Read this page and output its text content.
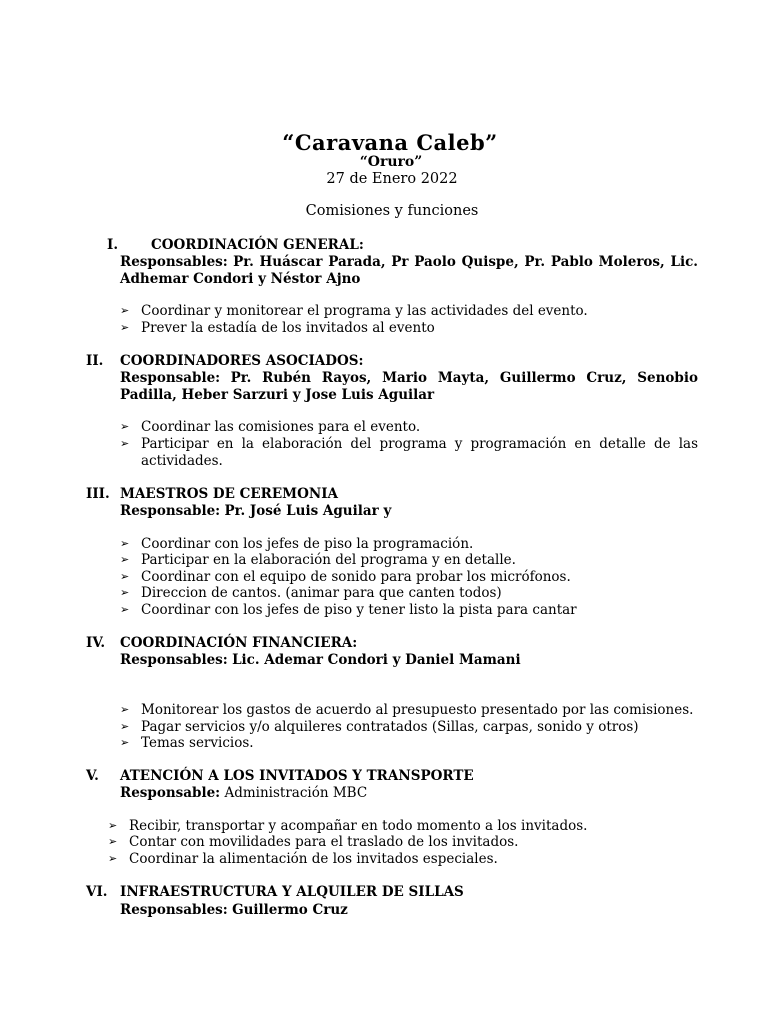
“Caravana Caleb”
“Oruro”
27 de Enero 2022
Comisiones y funciones
I. COORDINACIÓN GENERAL:
Responsables: Pr. Huáscar Parada, Pr Paolo Quispe, Pr. Pablo Moleros, Lic. Adhemar Condori y Néstor Ajno
➢ Coordinar y monitorear el programa y las actividades del evento.
➢ Prever la estadía de los invitados al evento
II. COORDINADORES ASOCIADOS:
Responsable: Pr. Rubén Rayos, Mario Mayta, Guillermo Cruz, Senobio Padilla, Heber Sarzuri y Jose Luis Aguilar
➢ Coordinar las comisiones para el evento.
➢ Participar en la elaboración del programa y programación en detalle de las actividades.
III. MAESTROS DE CEREMONIA
Responsable: Pr. José Luis Aguilar y
➢ Coordinar con los jefes de piso la programación.
➢ Participar en la elaboración del programa y en detalle.
➢ Coordinar con el equipo de sonido para probar los micrófonos.
➢ Direccion de cantos. (animar para que canten todos)
➢ Coordinar con los jefes de piso y tener listo la pista para cantar
IV. COORDINACIÓN FINANCIERA:
Responsables: Lic. Ademar Condori y Daniel Mamani
➢ Monitorear los gastos de acuerdo al presupuesto presentado por las comisiones.
➢ Pagar servicios y/o alquileres contratados (Sillas, carpas, sonido y otros)
➢ Temas servicios.
V. ATENCIÓN A LOS INVITADOS Y TRANSPORTE
Responsable: Administración MBC
➢ Recibir, transportar y acompañar en todo momento a los invitados.
➢ Contar con movilidades para el traslado de los invitados.
➢ Coordinar la alimentación de los invitados especiales.
VI. INFRAESTRUCTURA Y ALQUILER DE SILLAS
Responsables: Guillermo Cruz
